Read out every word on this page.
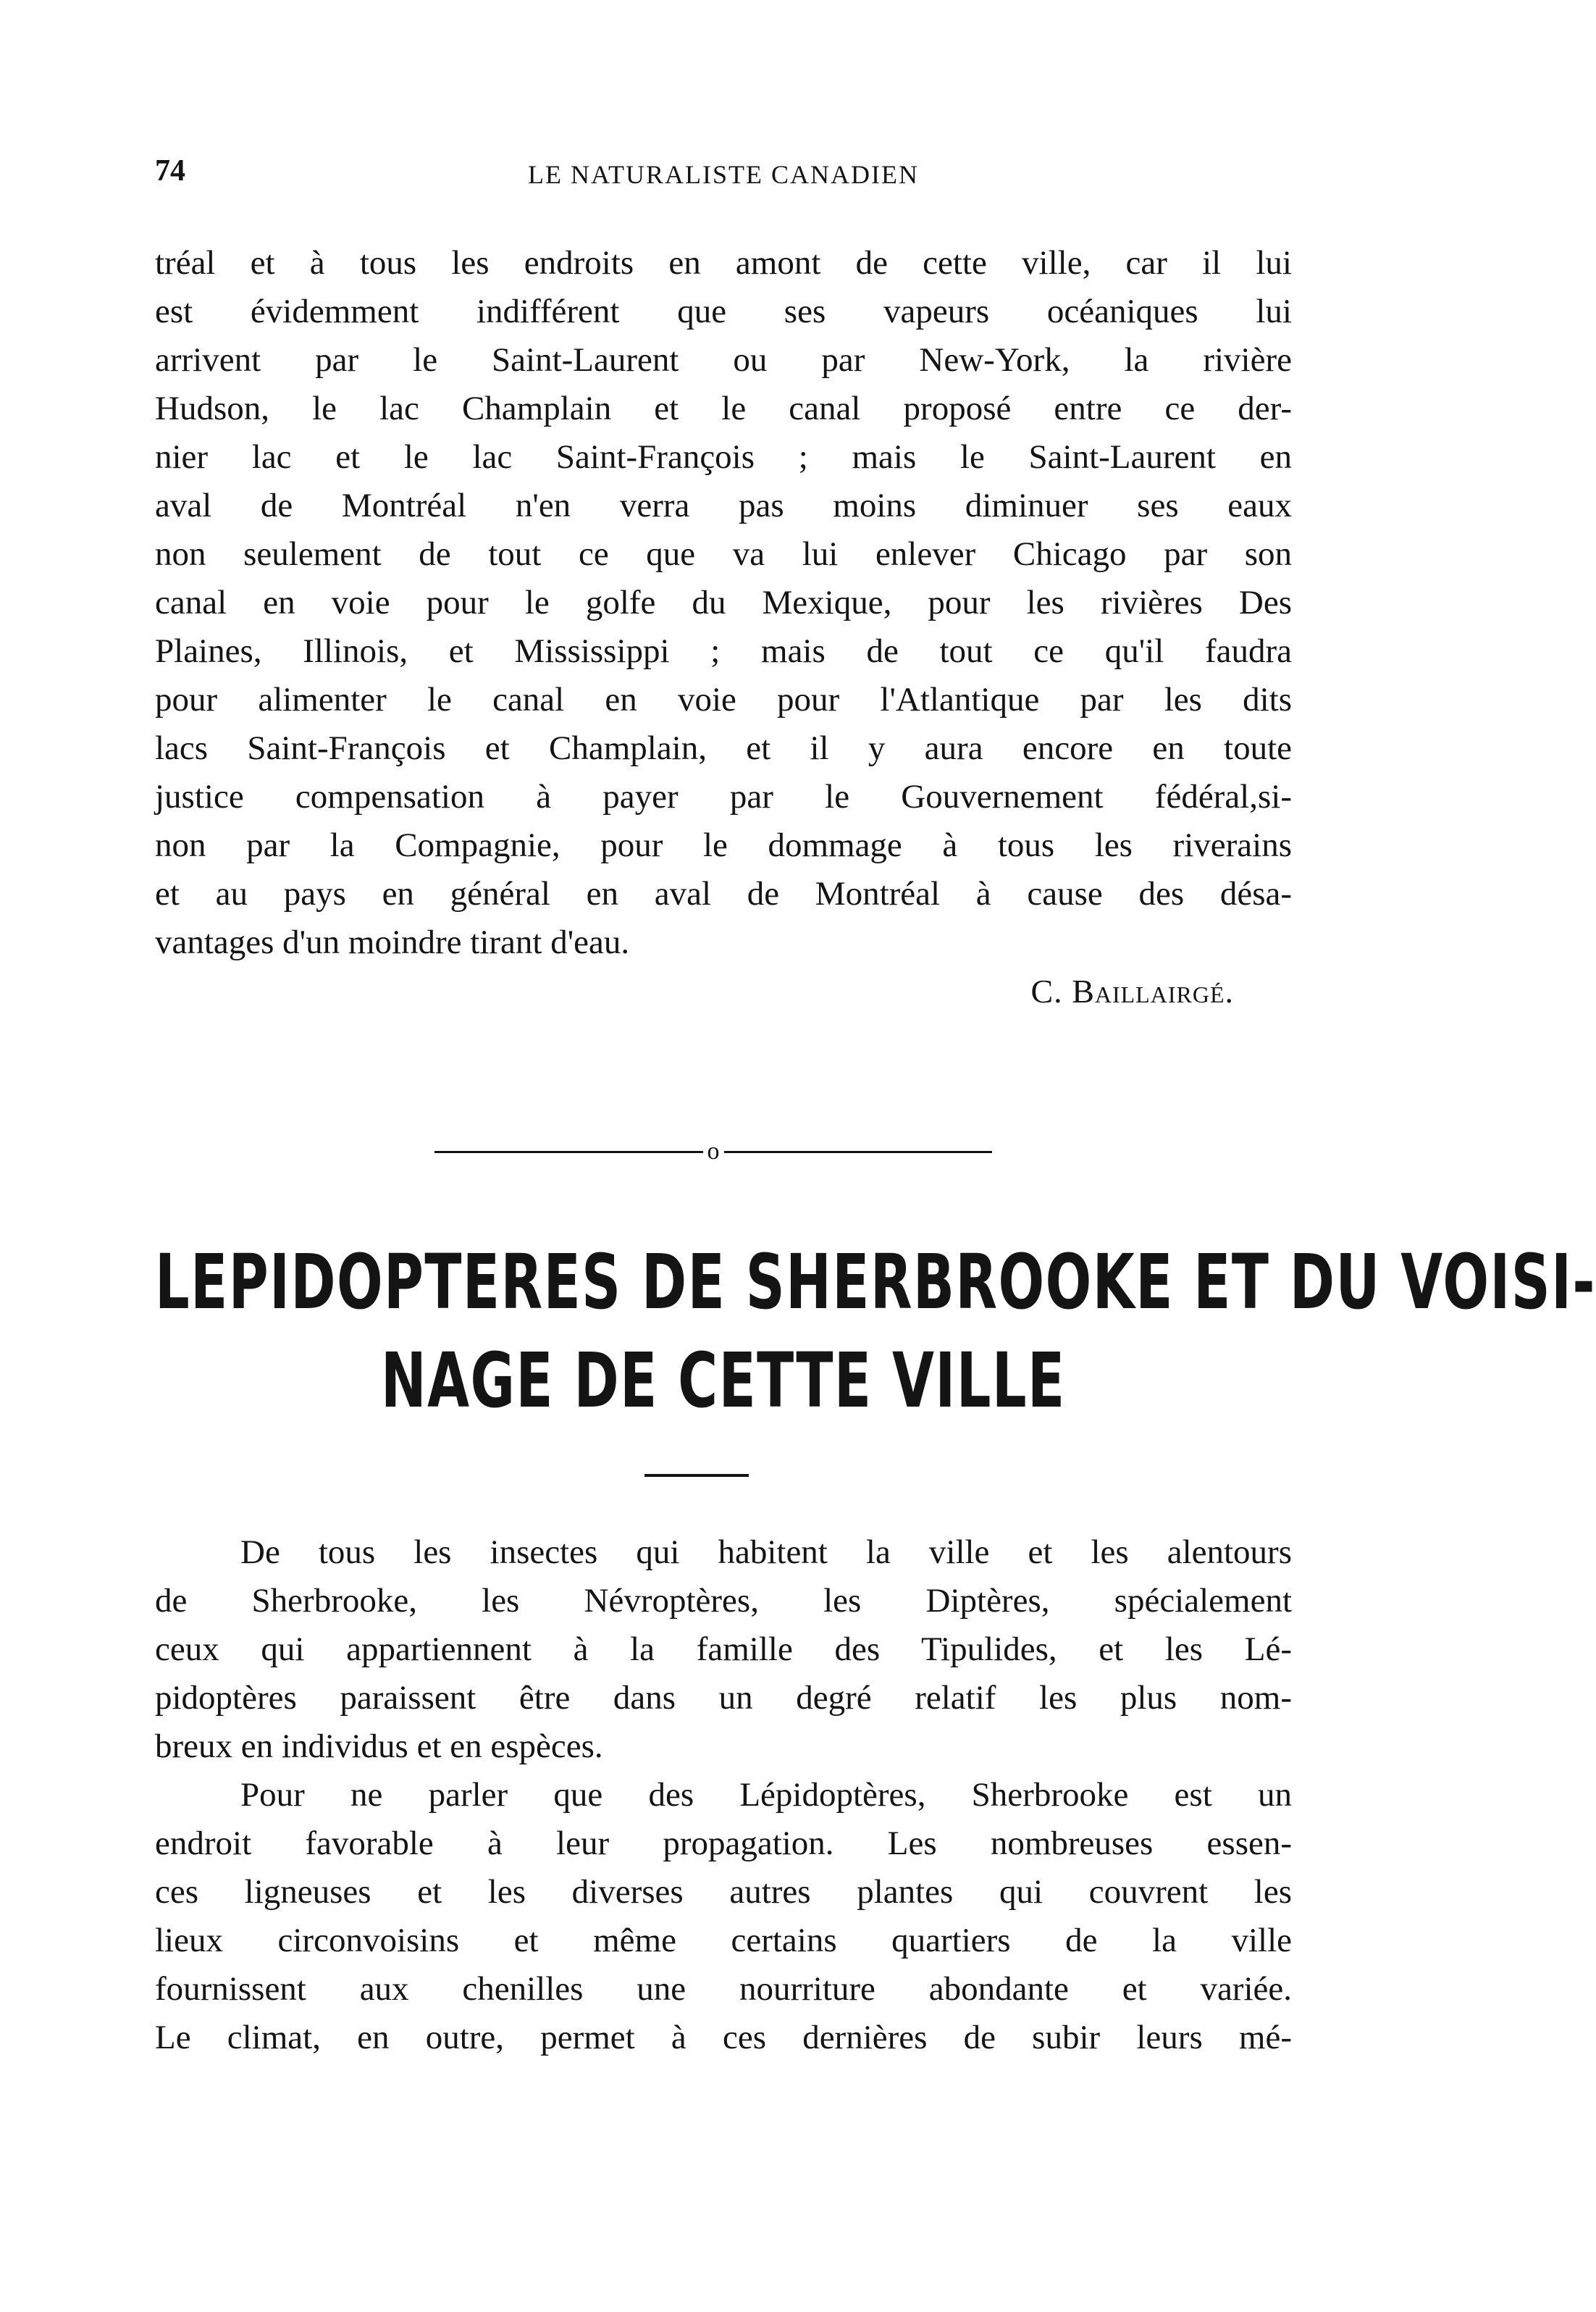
74	LE NATURALISTE CANADIEN
tréal et à tous les endroits en amont de cette ville, car il lui
est évidemment indifférent que ses vapeurs océaniques lui
arrivent par le Saint-Laurent ou par New-York, la rivière
Hudson, le lac Champlain et le canal proposé entre ce der-
nier lac et le lac Saint-François ; mais le Saint-Laurent en
aval de Montréal n'en verra pas moins diminuer ses eaux
non seulement de tout ce que va lui enlever Chicago par son
canal en voie pour le golfe du Mexique, pour les rivières Des
Plaines, Illinois, et Mississippi ; mais de tout ce qu'il faudra
pour alimenter le canal en voie pour l'Atlantique par les dits
lacs Saint-François et Champlain, et il y aura encore en toute
justice compensation à payer par le Gouvernement fédéral,si-
non par la Compagnie, pour le dommage à tous les riverains
et au pays en général en aval de Montréal à cause des désa-
vantages d'un moindre tirant d'eau.
C. Baillairgé.
o
LEPIDOPTERES DE SHERBROOKE ET DU VOISI-
NAGE DE CETTE VILLE
De tous les insectes qui habitent la ville et les alentours
de Sherbrooke, les Névroptères, les Diptères, spécialement
ceux qui appartiennent à la famille des Tipulides, et les Lé-
pidoptères paraissent être dans un degré relatif les plus nom-
breux en individus et en espèces.
Pour ne parler que des Lépidoptères, Sherbrooke est un
endroit favorable à leur propagation. Les nombreuses essen-
ces ligneuses et les diverses autres plantes qui couvrent les
lieux circonvoisins et même certains quartiers de la ville
fournissent aux chenilles une nourriture abondante et variée.
Le climat, en outre, permet à ces dernières de subir leurs mé-
